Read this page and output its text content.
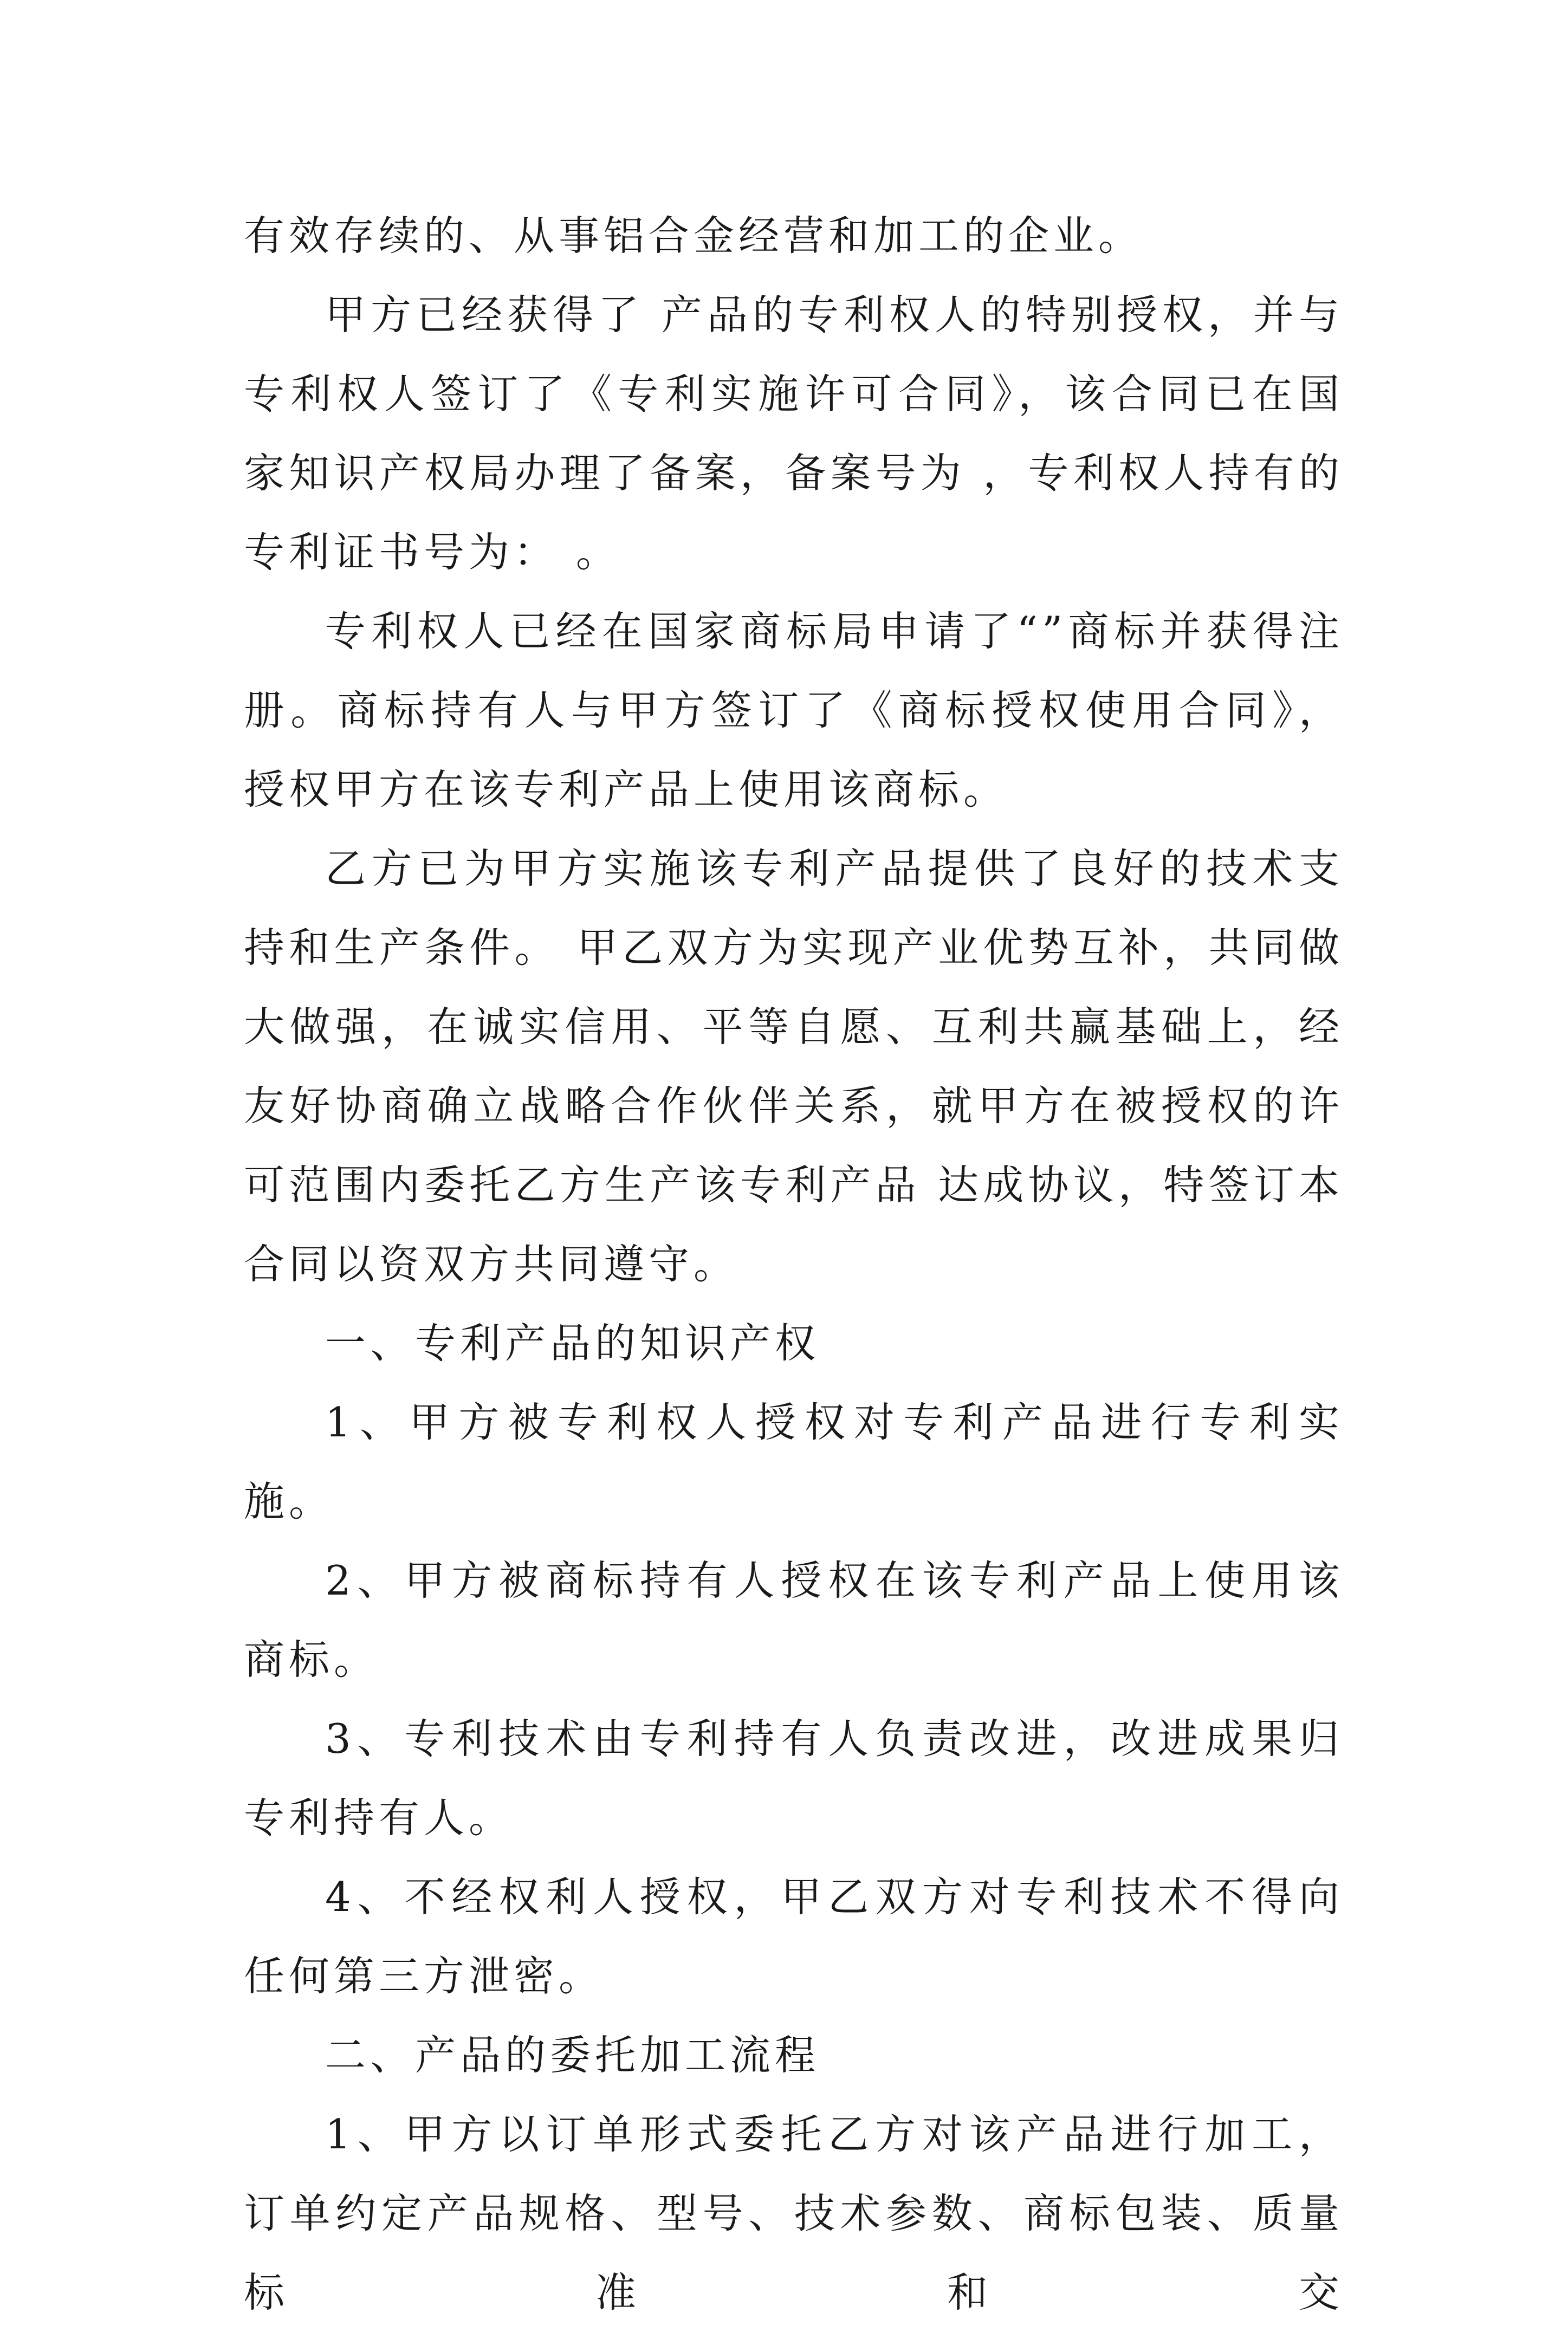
有效存续的、从事铝合金经营和加工的企业。

甲方已经获得了 产品的专利权人的特别授权，并与专利权人签订了《专利实施许可合同》，该合同已在国家知识产权局办理了备案，备案号为 ，专利权人持有的专利证书号为： 。

专利权人已经在国家商标局申请了“”商标并获得注册。商标持有人与甲方签订了《商标授权使用合同》，授权甲方在该专利产品上使用该商标。

乙方已为甲方实施该专利产品提供了良好的技术支持和生产条件。 甲乙双方为实现产业优势互补，共同做大做强，在诚实信用、平等自愿、互利共赢基础上，经友好协商确立战略合作伙伴关系，就甲方在被授权的许可范围内委托乙方生产该专利产品 达成协议，特签订本合同以资双方共同遵守。

一、专利产品的知识产权

1、甲方被专利权人授权对专利产品进行专利实施。

2、甲方被商标持有人授权在该专利产品上使用该商标。

3、专利技术由专利持有人负责改进，改进成果归专利持有人。

4、不经权利人授权，甲乙双方对专利技术不得向任何第三方泄密。

二、产品的委托加工流程

1、甲方以订单形式委托乙方对该产品进行加工，订单约定产品规格、型号、技术参数、商标包装、质量标准和交
